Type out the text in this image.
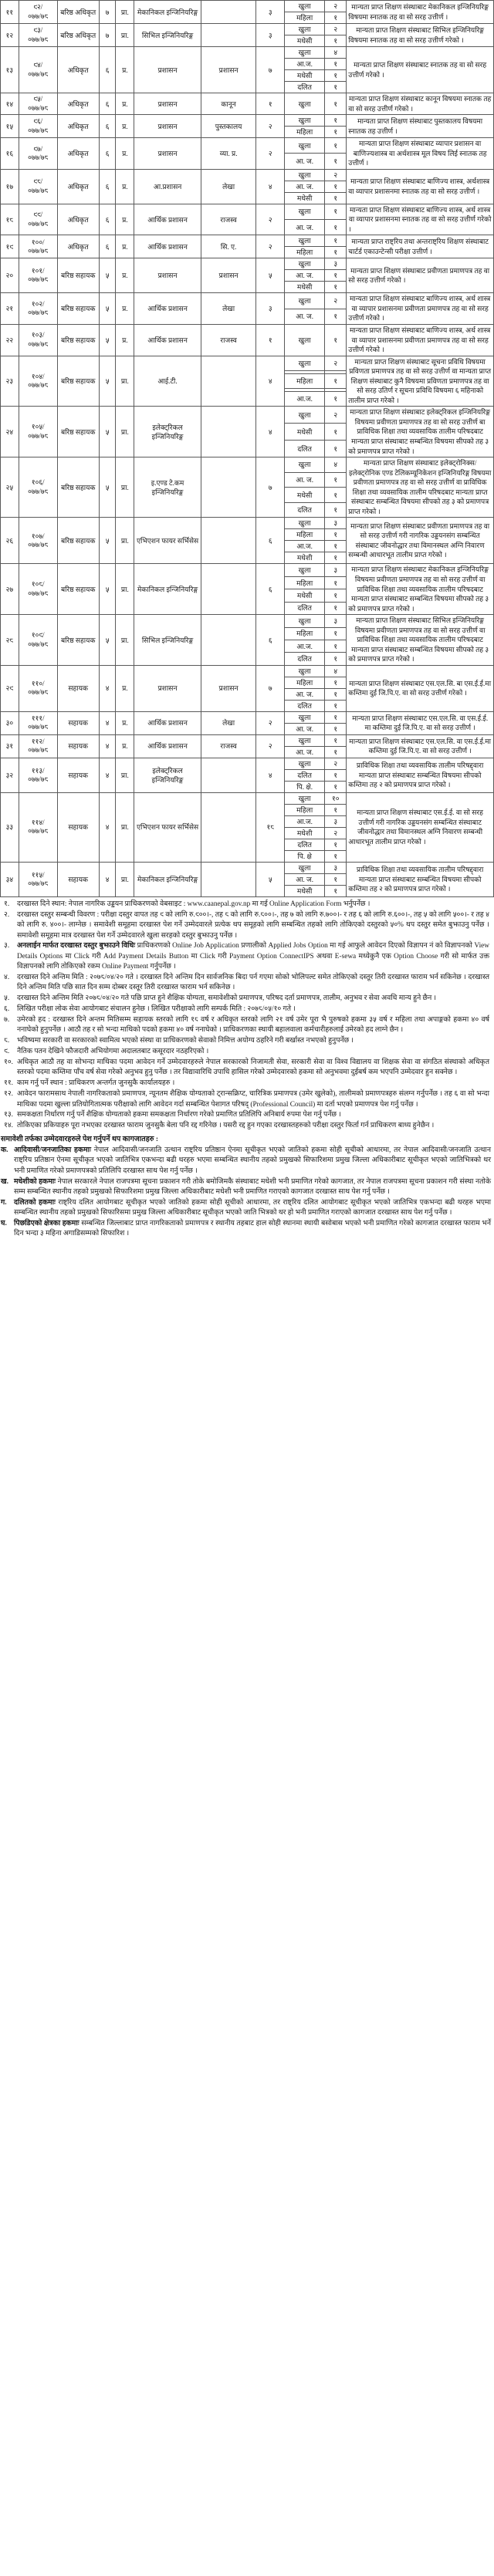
११	९२/
०७७/७८	बरिष्ठ अधिकृत	७	प्रा.	मेकानिकल इन्जिनियरिङ्ग		३	खुला	२	मान्यता प्राप्त शिक्षण संस्थाबाट मेकानिकल इन्जिनियरिङ्ग विषयमा स्नातक तह वा सो सरह उत्तीर्ण ।
								महिला	१	
१२	९३/
०७७/७८	बरिष्ठ अधिकृत	७	प्रा.	सिभिल इन्जिनियरिङ्ग		३	खुला	२	मान्यता प्राप्त शिक्षण संस्थाबाट सिभिल इन्जिनियरिङ्ग विषयमा स्नातक तह वा सो सरह उत्तीर्ण गरेको ।
								मधेसी	१	
१३	९४/
०७७/७८	अधिकृत	६	प्र.	प्रशासन	प्रशासन	७	खुला	४	मान्यता प्राप्त शिक्षण संस्थाबाट स्नातक तह वा सो सरह उत्तीर्ण गरेको ।
								आ.ज.	१	
								मधेसी	१	
								दलित	१	
१४	९५/
०७७/७८	अधिकृत	६	प्र.	प्रशासन	कानून	१	खुला	१	मान्यता प्राप्त शिक्षण संस्थाबाट कानून विषयमा स्नातक तह वा सो सरह उत्तीर्ण गरेको ।
१५	९६/
०७७/७८	अधिकृत	६	प्र.	प्रशासन	पुस्तकालय	२	खुला	१	मान्यता प्राप्त शिक्षण संस्थाबाट पुस्तकालय विषयमा स्नातक तह उत्तीर्ण ।
								महिला	१	
१६	९७/
०७७/७८	अधिकृत	६	प्र.	प्रशासन	व्या. प्र.	२	खुला	१	मान्यता प्राप्त शिक्षण संस्थाबाट व्यापार प्रशासन वा बाणिज्यशास्त्र वा अर्थशास्त्र मूल विषय लिई स्नातक तह उत्तीर्ण ।
								आ. ज.	१	
१७	९८/
०७७/७८	अधिकृत	६	प्र.	आ.प्रशासन	लेखा	४	खुला	२	मान्यता प्राप्त शिक्षण संस्थाबाट बाणिज्य शास्त्र, अर्थशास्त्र वा व्यापार प्रशासनमा स्नातक तह वा सो सरह उत्तीर्ण ।
								आ. ज.	१	
								मधेसी	१	
१८	९९/
०७७/७८	अधिकृत	६	प्र.	आर्थिक प्रशासन	राजस्व	२	खुला	१	मान्यता प्राप्त शिक्षण संस्थाबाट बाणिज्य शास्त्र, अर्थ शास्त्र वा व्यापार प्रशासनमा स्नातक तह वा सो सरह उत्तीर्ण गरेको ।
								आ. ज.	१	
१९	१००/
०७७/७८	अधिकृत	६	प्र.	आर्थिक प्रशासन	सि. ए.	२	खुला	१	मान्यता प्राप्त राष्ट्रिय तथा अन्तराष्ट्रिय शिक्षण संस्थाबाट चार्टर्ड एकाउन्टेन्सी परीक्षा उत्तीर्ण ।
								महिला	१	
२०	१०१/
०७७/७८	बरिष्ठ सहायक	५	प्र.	प्रशासन	प्रशासन	५	खुला	३	मान्यता प्राप्त शिक्षण संस्थाबाट प्रवीणता प्रमाणपत्र तह वा सो सरह उत्तीर्ण गरेको ।
								आ. ज.	१	
								मधेसी	१	
२१	१०२/
०७७/७८	बरिष्ठ सहायक	५	प्र.	आर्थिक प्रशासन	लेखा	३	खुला	२	मान्यता प्राप्त शिक्षण संस्थाबाट बाणिज्य शास्त्र, अर्थ शास्त्र वा व्यापार प्रशासनमा प्रवीणता प्रमाणपत्र तह वा सो सरह उत्तीर्ण गरेको ।
								आ. ज.	१	
२२	१०३/
०७७/७८	बरिष्ठ सहायक	५	प्र.	आर्थिक प्रशासन	राजस्व	१	खुला	१	मान्यता प्राप्त शिक्षण संस्थाबाट बाणिज्य शास्त्र, अर्थ शास्त्र वा व्यापार प्रशासनमा प्रवीणता प्रमाणपत्र तह वा सो सरह उत्तीर्ण गरेको ।
२३	१०४/
०७७/७८	बरिष्ठ सहायक	५	प्रा.	आई.टी.		४	खुला	२	मान्यता प्राप्त शिक्षण संस्थाबाट सूचना प्रविधि विषयमा प्रविणता प्रमाणपत्र तह वा सो सरह उत्तीर्ण वा मान्यता प्राप्त शिक्षण संस्थाबाट कुनै विषयमा प्रविणता प्रमाणपत्र तह वा सो सरह उतिर्ण र सूचना प्रविधि विषयमा ६ महिनाको तालीम प्राप्त गरेको ।

								महिला	१	

								आ.ज.	१	
२४	१०५/
०७७/७८	बरिष्ठ सहायक	५	प्रा.	इलेक्ट्रिकल इन्जिनियरिङ्ग		४	खुला	२	मान्यता प्राप्त शिक्षण संस्थाबाट इलेक्ट्रिकल इन्जिनियरिङ्ग विषयमा प्रवीणता प्रमाणपत्र तह वा सो सरह उत्तीर्ण बा प्राविधिक शिक्षा तथा व्यवसायिक तालीम परिषदबाट मान्यता प्राप्त संस्थाबाट सम्बन्धित विषयमा सीपको तह ३ को प्रमाणपत्र प्राप्त गरेको ।
								मधेसी	१	
								दलित	१	
२५	१०६/
०७७/७८	बरिष्ठ सहायक	५	प्रा.	इ.एण्ड टे.कम इन्जिनियरिङ्ग		७	खुला	४	मान्यता प्राप्त शिक्षण संस्थाबाट इलेक्ट्रोनिक्स/इलेक्ट्रोनिक एण्ड टेलिकम्यूनिकेशन इन्जिनियरिङ्ग विषयमा प्रवीणता प्रमाणपत्र तह वा सो सरह उत्तीर्ण वा प्राविधिक शिक्षा तथा व्यवसायिक तालीम परिषदबाट मान्यता प्राप्त संस्थाबाट सम्बन्धित विषयमा सीपको तह ३ को प्रमाणपत्र प्राप्त गरेको ।
								आ. ज.	१	
								मधेसी	१	
								दलित	१	
२६	१०७/
०७७/७८	बरिष्ठ सहायक	५	प्रा.	एभिएशन फायर सर्भिसेस		६	खुला	३	मान्यता प्राप्त शिक्षण संस्थाबाट प्रवीणता प्रमाणपत्र तह वा सो सरह उत्तीर्ण गरी नागरिक उड्डयनसंग सम्बन्धित संस्थाबाट जीवनोद्धार तथा विमानस्थल अग्नि निवारण सम्बन्धी आधारभूत तालीम प्राप्त गरेको ।
								महिला	१	
								आ.ज.	१	
								मधेशी	१	
२७	१०८/
०७७/७८	बरिष्ठ सहायक	५	प्रा.	मेकानिकल इन्जिनियरिङ्ग		६	खुला	३	मान्यता प्राप्त शिक्षण संस्थाबाट मेकानिकल इन्जिनियरिङ्ग विषयमा प्रवीणता प्रमाणपत्र तह वा सो सरह उत्तीर्ण वा प्राविधिक शिक्षा तथा व्यवसायिक तालीम परिषदबाट मान्यता प्राप्त संस्थाबाट सम्बन्धित विषयमा सीपको तह ३ को प्रमाणपत्र प्राप्त गरेको ।
								महिला	१	
								मधेसी	१	
								दलित	१	
२८	१०९/
०७७/७८	बरिष्ठ सहायक	५	प्रा.	सिभिल इन्जिनियरिङ्ग		६	खुला	३	मान्यता प्राप्त शिक्षण संस्थाबाट सिभिल इन्जिनियरिङ्ग विषयमा प्रवीणता प्रमाणपत्र तह वा सो सरह उत्तीर्ण वा प्राविधिक शिक्षा तथा व्यवसायिक तालीम परिषदबाट मान्यता प्राप्त संस्थाबाट सम्बन्धित विषयमा सीपको तह ३ को प्रमाणपत्र प्राप्त गरेको ।
								महिला	१	
								आ.ज.	१	
								दलित	१	
२९	११०/
०७७/७८	सहायक	४	प्र.	प्रशासन	प्रशासन	७	खुला	४	मान्यता प्राप्त शिक्षण संस्थाबाट एस.एल.सि. बा एस.ई.ई.मा कम्तिमा दुई जि.पि.ए. वा सो सरह उत्तीर्ण गरेको ।
								महिला	१	
								आ. ज.	१	
								दलित	१	
३०	१११/
०७७/७८	सहायक	४	प्र.	आर्थिक प्रशासन	लेखा	२	खुला	१	मान्यता प्राप्त शिक्षण संस्थाबाट एस.एल.सि. वा एस.ई.ई. मा कम्तिमा दुई जि.पि.ए. वा सो सरह उत्तीर्ण ।
								आ. ज.	१	
३१	११२/
०७७/७८	सहायक	४	प्र.	आर्थिक प्रशासन	राजस्व	२	खुला	१	मान्यता प्राप्त शिक्षण संस्थाबाट एस.एल.सि. वा एस.ई.ई.मा कम्तिमा दुई जि.पि.ए. वा सो सरह उत्तीर्ण ।
								आ. ज.	१	
३२	११३/
०७७/७८	सहायक	४	प्रा.	इलेक्ट्रिकल इन्जिनियरिङ्ग		४	खुला	२	प्राविधिक शिक्षा तथा व्यवसायिक तालीम परिषद्द्वारा मान्यता प्राप्त संस्थाबाट सम्बन्धित विषयमा सीपको कम्तिमा तह २ को प्रमाणपत्र प्राप्त गरेको ।
								दलित	१	
								पि. क्षे.	१	
३३	११४/
०७७/७८	सहायक	४	प्रा.	एभिएशन फायर सर्भिसेस		१८	खुला	१०	मान्यता प्राप्त शिक्षण संस्थाबाट एस.ई.ई. वा सो सरह उत्तीर्ण गरी नागरिक उड्डयनसंग सम्बन्धित संस्थाबाट जीवनोद्धार तथा विमानस्थल अग्नि निवारण सम्बन्धी आधारभूत तालीम प्राप्त गरेको ।
								महिला	१	
								आ.ज.	३	
								मधेशी	२	
								दलित	१	
								पि. क्षे	१	
३४	११५/
०७७/७८	सहायक	४	प्रा.	मेकानिकल इन्जिनियरिङ्ग		५	खुला	३	प्राविधिक शिक्षा तथा व्यवसायिक तालीम परिषद्द्वारा मान्यता प्राप्त संस्थाबाट सम्बन्धित विषयमा सीपको कम्तिमा तह २ को प्रमाणपत्र प्राप्त गरेको ।
								आ. ज.	१	
								मधेसी	१	
१.	दरखास्त दिने स्थान: नेपाल नागरिक उड्डयन प्राधिकरणको वेबसाइट : www.caanepal.gov.np मा गई Online Application Form भर्नुपर्नेछ ।
२.	दरखास्त दस्तुर सम्बन्धी विवरण : परीक्षा दस्तुर वापत तह ९ को लागि रु.९००।-, तह ८ को लागि रु.८००।-, तह ७ को लागि रु.७००।- र तह ६ को लागि रु.६००।-, तह ५ को लागि ५००।- र तह ४ को लागि रु. ४००।- लाग्नेछ । समावेशी समूहमा दरखास्त पेश गर्ने उम्मेदवारले प्रत्येक थप समूहको लागि सम्बन्धित तहको लागि तोकिएको दस्तुरको ५०% थप दस्तुर समेत बुझाउनु पर्नेछ । समावेशी समूहमा मात्र दरखास्त पेश गर्ने उम्मेदवारले खुला सरहको दस्तुर बुझाउनु पर्नेछ ।
३.	अनलाईन मार्फत दरखास्त दस्तुर बुझाउने विधिः प्राधिकरणको Online Job Application प्रणालीको Applied Jobs Option मा गई आफुले आवेदन दिएको विज्ञापन नं को विज्ञापनको View Details Options मा Click गरी Add Payment Details Button मा Click गरी Payment Option ConnectIPS अथवा E-sewa मध्येकुनै एक Option Choose गरी सो मार्फत उक्त विज्ञापनको लागि तोकिएको रकम Online Payment गर्नुपर्नेछ ।
४.	दरखास्त दिने अन्तिम मिति : २०७८/०४/२० गते । दरखास्त दिने अन्तिम दिन सार्वजनिक बिदा पर्न गएमा सोको भोलिपल्ट समेत तोकिएको दस्तूर तिरी दरखास्त फाराम भर्न सकिनेछ । दरखास्त दिने अन्तिम मिति पछि सात दिन सम्म दोब्बर दस्तूर तिरी दरखास्त फाराम भर्न सकिनेछ ।
५.	दरखास्त दिने अन्तिम मिति २०७८/०४/२० गते पछि प्राप्त हुने शैक्षिक योग्यता, समावेशीको प्रमाणपत्र, परिषद दर्ता प्रमाणपत्र, तालीम, अनुभव र सेवा अवधि मान्य हुने छैन ।
६.	लिखित परीक्षा लोक सेवा आयोगबाट संचालन हुनेछ । लिखित परीक्षाको लागि सम्पर्क मिति : २०७८/०५/१० गते ।
७.	उमेरको हद : दरखास्त दिने अन्तम मितिसम्म सहायक स्तरको लागि १८ वर्ष र अधिकृत स्तरको लागि २१ वर्ष उमेर पूरा भै पुरुषको हकमा ३५ वर्ष र महिला तथा अपाङ्गको हकमा ४० वर्ष ननाघेको हुनुपर्नेछ । आठौ तह र सो भन्दा माथिको पदको हकमा ४० वर्ष ननाघेको । प्राधिकरणका स्थायी बहालवाला कर्मचारीहरुलाई उमेरको हद लाग्ने छैन ।
८.	भविष्यमा सरकारी वा सरकारको स्वामित्व भएको संस्था वा प्राधिकरणको सेवाको निमित्त अयोग्य ठहरिने गरी बर्खास्त नभएको हुनुपर्नेछ ।
९.	नैतिक पतन देखिने फौजदारी अभियोगमा अदालतबाट कसूरदार नठहरिएको ।
१०. अधिकृत आठौ तह वा सोभन्दा माथिका पदमा आवेदन गर्ने उम्मेदवारहरुले नेपाल सरकारको निजामती सेवा, सरकारी सेवा वा विश्व विद्यालय वा शिक्षक सेवा वा संगठित संस्थाको अधिकृत स्तरको पदमा कम्तिमा पाँच वर्ष सेवा गरेको अनुभव हुनु पर्नेछ । तर विद्यावारिधि उपाधि हासिल गरेको उम्मेदवारको हकमा सो अनुभवमा दुईबर्ष कम भएपनि उम्मेदवार हुन सक्नेछ ।
११. काम गर्नु पर्ने स्थान : प्राधिकरण अन्तर्गत जुनसुकै कार्यालयहरु ।
१२. आवेदन फारामसाथ नेपाली नागरिकताको प्रमाणपत्र, न्यूनतम शैक्षिक योग्यताको ट्रान्सक्रिप्ट, चारित्रिक प्रमाणपत्र (उमेर खुलेको), तालीमको प्रमाणपत्रहरु संलग्न गर्नुपर्नेछ । तह ६ वा सो भन्दा माथिका पदमा खुल्ला प्रतियोगितात्मक परीक्षाको लागि आवेदन गर्दा सम्बन्धित पेशागत परिषद् (Professional Council) मा दर्ता भएको प्रमाणपत्र पेश गर्नु पर्नेछ ।
१३. समकक्षता निर्धारण गर्नु पर्ने शैक्षिक योग्यताको हकमा समकक्षता निर्धारण गरेको प्रमाणित प्रतिलिपि अनिबार्य रुपमा पेश गर्नु पर्नेछ ।
१४. तोकिएका प्रकियाहरु पूरा नभएका दरखास्त फाराम जुनसुकै बेला पनि रद्द गरिनेछ । यसरी रद्द हुन गएका दरखास्तहरुको परीक्षा दस्तुर फिर्ता गर्न प्राधिकरण बाध्य हुनेछैन ।
समावेशी तर्फका उम्मेदवारहरुले पेश गर्नुपर्ने थप कागजातहरु :
क. आदिवासी/जनजातिका हकमाः नेपाल आदिवासी/जनजाति उत्थान राष्ट्रिय प्रतिष्ठान ऐनमा सूचीकृत भएको जातिको हकमा सोही सूचीको आधारमा, तर नेपाल आदिवासी/जनजाति उत्थान राष्ट्रिय प्रतिष्ठान ऐनमा सूचीकृत भएको जातिभित्र एकभन्दा बढी थरहरु भएमा सम्बन्धित स्थानीय तहको प्रमुखको सिफारिशमा प्रमुख जिल्ला अधिकारीबाट सूचीकृत भएको जातिभित्रको थर भनी प्रमाणित गरेको प्रमाणपत्रको प्रतिलिपि दरखास्त साथ पेश गर्नु पर्नेछ ।
ख. मधेशीको हकमाः नेपाल सरकारले नेपाल राजपत्रमा सूचना प्रकाशन गरी तोके बमोजिमकै संस्थाबाट मधेशी भनी प्रमाणित गरेको कागजात, तर नेपाल राजपत्रमा सूचना प्रकाशन गरी संस्था नतोके सम्म सम्बन्धित स्थानीय तहको प्रमुखको सिफारिशमा प्रमुख जिल्ला अधिकारीबाट मधेशी भनी प्रमाणित गराएको कागजात दरखास्त साथ पेश गर्नु पर्नेछ ।
ग.	दलितको हकमाः राष्ट्रिय दलित आयोगबाट सूचीकृत भएको जातिको हकमा सोही सूचीको आधारमा, तर राष्ट्रिय दलित आयोगबाट सूचीकृत भएको जातिभित्र एकभन्दा बढी थरहरु भएमा सम्बन्धित स्थानीय तहको प्रमुखको सिफारिसमा प्रमुख जिल्ला अधिकारीबाट सूचीकृत भएको जाति भित्रको थर हो भनी प्रमाणित गराएको कागजात दरखास्त साथ पेश गर्नु पर्नेछ ।
घ. पिछडिएको क्षेत्रका हकमाः सम्बन्धित जिल्लाबाट प्राप्त नागरिकताको प्रमाणपत्र र स्थानीय तहबाट हाल सोही स्थानमा स्थायी बसोबास भएको भनी प्रमाणित गरेको कागजात दरखास्त फाराम भर्ने दिन भन्दा ३ महिना अगाडिसम्मको सिफारिश ।
